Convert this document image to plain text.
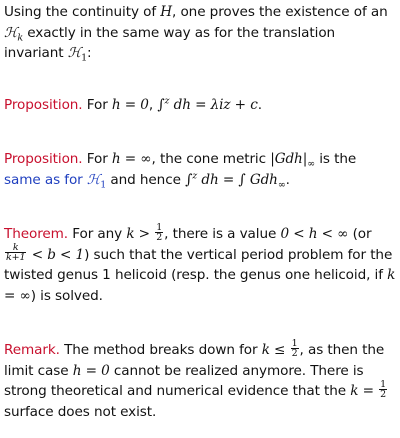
Using the continuity of H, one proves the existence of an ℋ$_k$ exactly in the same way as for the translation invariant ℋ$_1$:

Proposition. For h = 0, ∫$^z$ dh = λiz + c.

Proposition. For h = ∞, the cone metric $|Gdh|_\infty$ is the same as for ℋ$_1$ and hence ∫$^z$ dh = ∫ Gdh$_\infty$.

Theorem. For any $k > \frac{1}{2}$ , there is a value 0 < h < ∞ (or
$\frac{k}{k+1} < b < 1$) such that the vertical period problem for the twisted genus 1 helicoid (resp. the genus one helicoid, if k = ∞) is solved.

Remark. The method breaks down for $k \le \frac{1}{2}$ , as then the limit case h = 0 cannot be realized anymore. There is strong theoretical and numerical evidence that the $k = \frac{1}{2}$
surface does not exist.
